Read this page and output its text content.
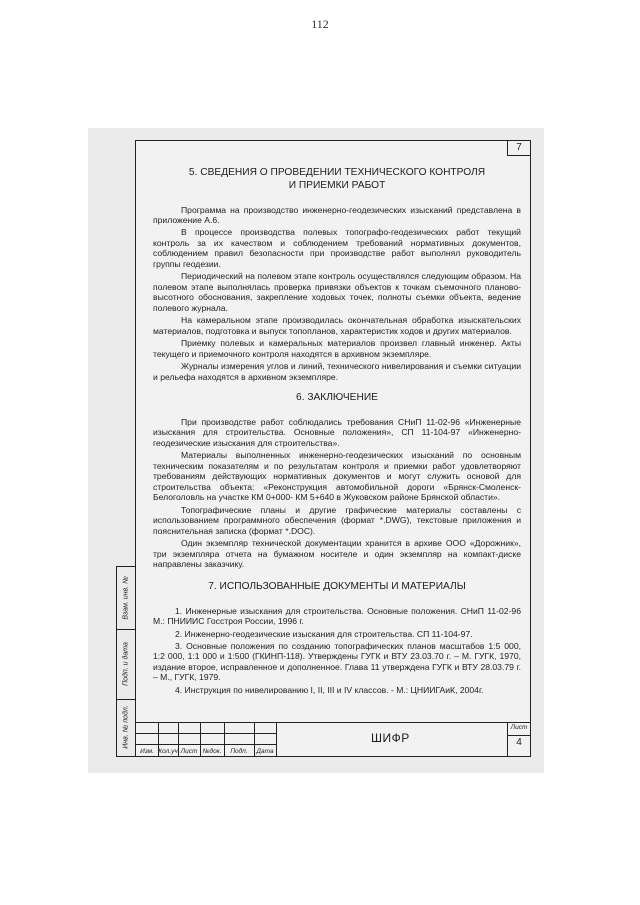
112
Взам. инв. №
Подп. и дата
Инв. № подл.
7
5. СВЕДЕНИЯ О ПРОВЕДЕНИИ ТЕХНИЧЕСКОГО КОНТРОЛЯ
И ПРИЕМКИ РАБОТ

Программа на производство инженерно-геодезических изысканий представлена в приложение А.6.

В процессе производства полевых топографо-геодезических работ текущий контроль за их качеством и соблюдением требований нормативных документов, соблюдением правил безопасности при производстве работ выполнял руководитель группы геодезии.

Периодический на полевом этапе контроль осуществлялся следующим образом. На полевом этапе выполнялась проверка привязки объектов к точкам съемочного планово-высотного обоснования, закрепление ходовых точек, полноты съемки объекта, ведение полевого журнала.

На камеральном этапе производилась окончательная обработка изыскательских материалов, подготовка и выпуск топопланов, характеристик ходов и других материалов.

Приемку полевых и камеральных материалов произвел главный инженер. Акты текущего и приемочного контроля находятся в архивном экземпляре.

Журналы измерения углов и линий, технического нивелирования и съемки ситуации и рельефа находятся в архивном экземпляре.

6. ЗАКЛЮЧЕНИЕ

При производстве работ соблюдались требования СНиП 11-02-96 «Инженерные изыскания для строительства. Основные положения», СП 11-104-97 «Инженерно-геодезические изыскания для строительства».

Материалы выполненных инженерно-геодезических изысканий по основным техническим показателям и по результатам контроля и приемки работ удовлетворяют требованиям действующих нормативных документов и могут служить основой для строительства объекта: «Реконструкция автомобильной дороги «Брянск-Смоленск-Белоголовль на участке КМ 0+000- КМ 5+640 в Жуковском районе Брянской области».

Топографические планы и другие графические материалы составлены с использованием программного обеспечения (формат *.DWG), текстовые приложения и пояснительная записка (формат *.DOC).

Один экземпляр технической документации хранится в архиве ООО «Дорожник», три экземпляра отчета на бумажном носителе и один экземпляр на компакт-диске направлены заказчику.

7. ИСПОЛЬЗОВАННЫЕ ДОКУМЕНТЫ И МАТЕРИАЛЫ

1. Инженерные изыскания для строительства. Основные положения. СНиП 11-02-96 М.: ПНИИИС Госстроя России, 1996 г.

2. Инженерно-геодезические изыскания для строительства. СП 11-104-97.

3. Основные положения по созданию топографических планов масштабов 1:5 000, 1:2 000, 1:1 000 и 1:500 (ГКИНП-118). Утверждены ГУГК и ВТУ 23.03.70 г. – М. ГУГК, 1970, издание второе, исправленное и дополненное. Глава 11 утверждена ГУГК и ВТУ 28.03.79 г. – М., ГУГК, 1979.

4. Инструкция по нивелированию I, II, III и IV классов. - М.: ЦНИИГАиК, 2004г.

Изм. Кол.уч Лист №док.	Подп.	Дата
ШИФР
Лист
4
